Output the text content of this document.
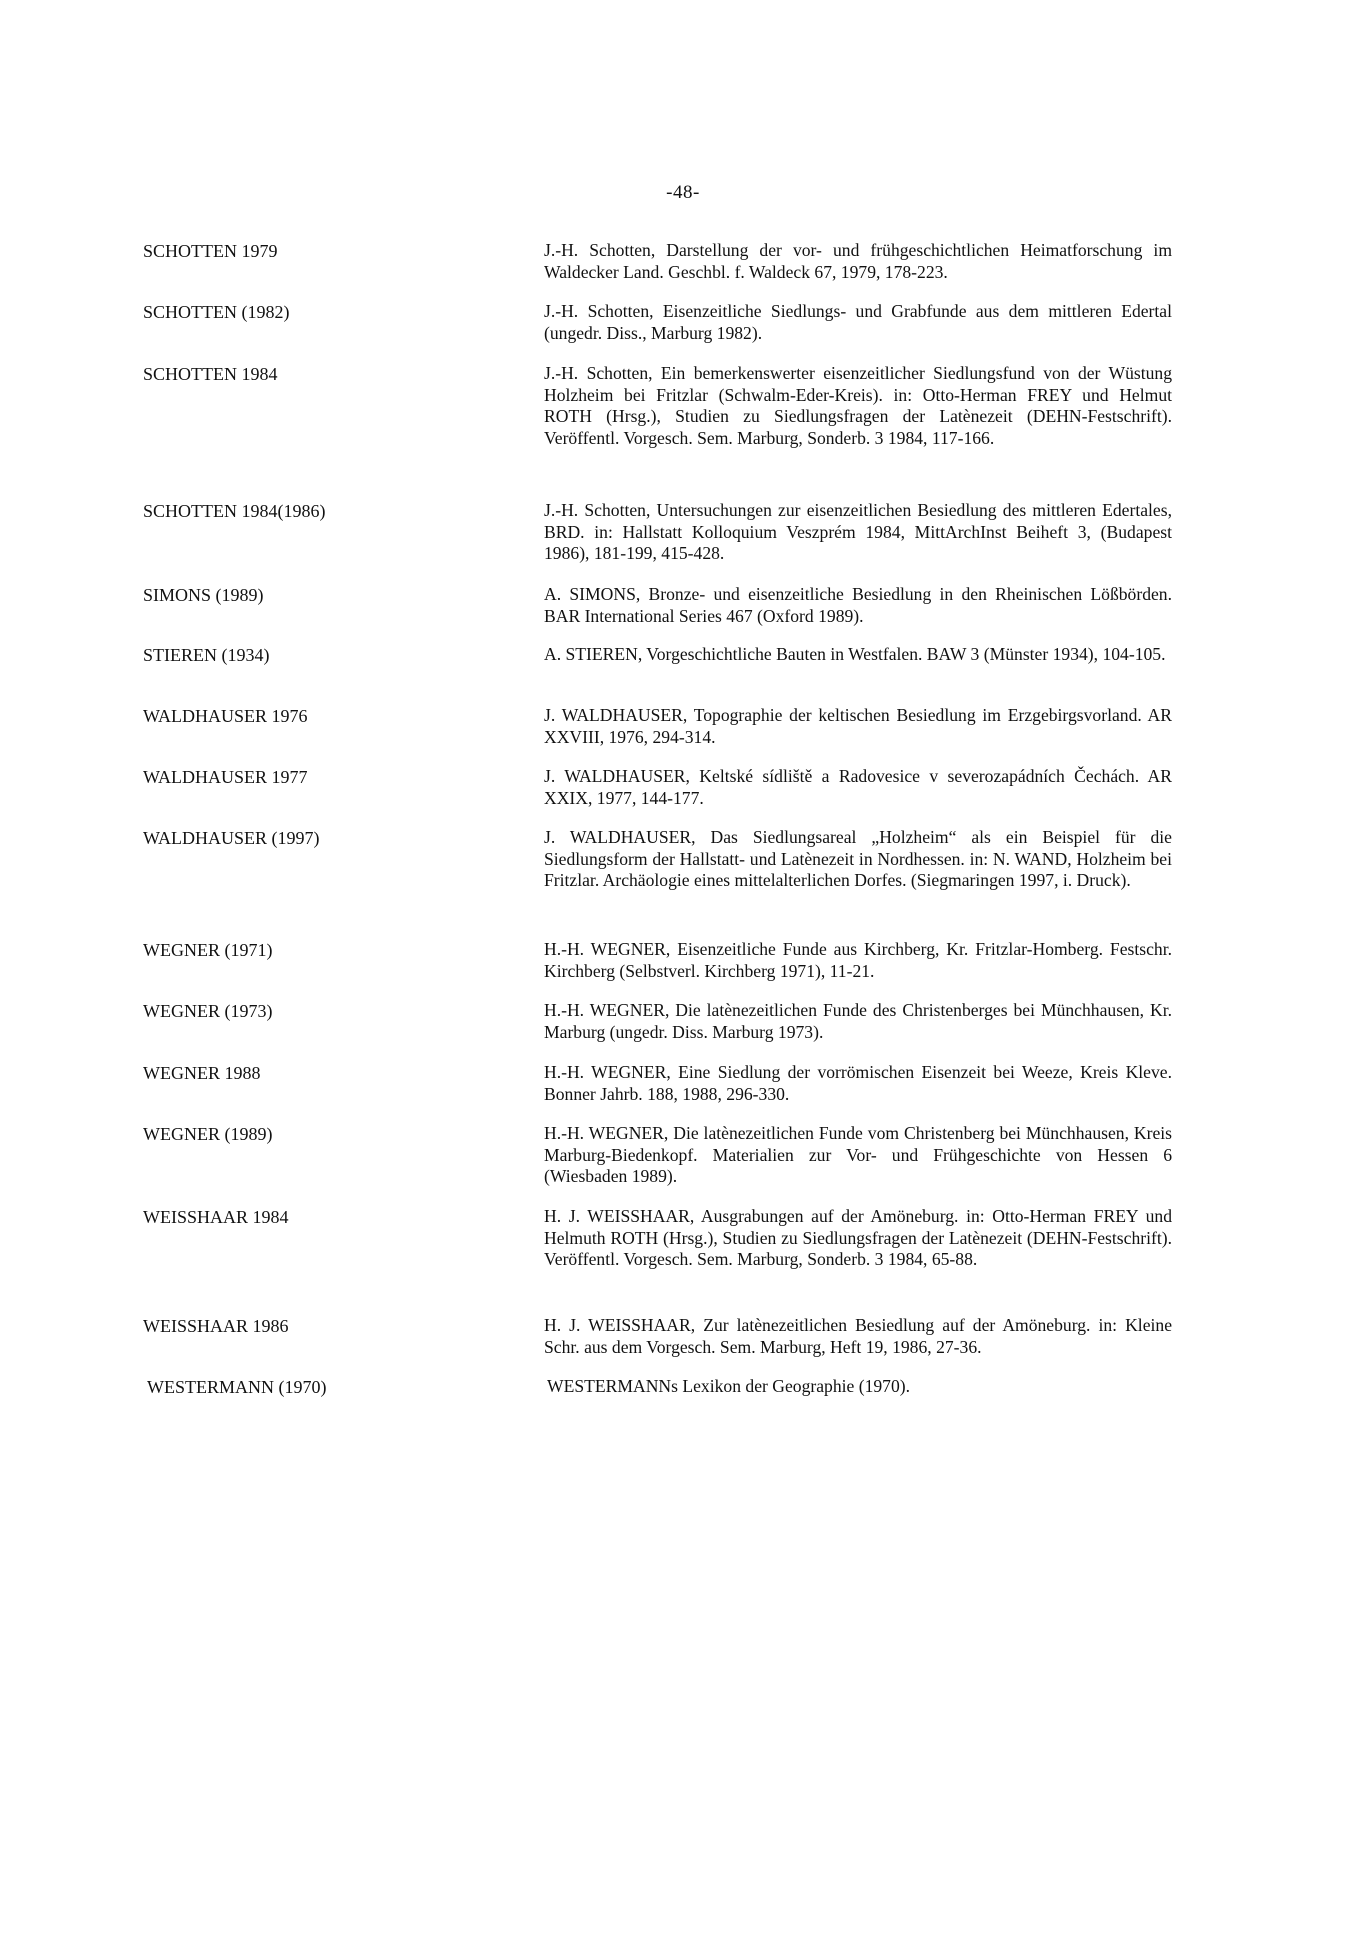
-48-
SCHOTTEN 1979	J.-H. Schotten, Darstellung der vor- und frühgeschichtlichen Heimatforschung im Waldecker Land. Geschbl. f. Waldeck 67, 1979, 178-223.
SCHOTTEN (1982)	J.-H. Schotten, Eisenzeitliche Siedlungs- und Grabfunde aus dem mittleren Edertal (ungedr. Diss., Marburg 1982).
SCHOTTEN 1984	J.-H. Schotten, Ein bemerkenswerter eisenzeitlicher Siedlungsfund von der Wüstung Holzheim bei Fritzlar (Schwalm-Eder-Kreis). in: Otto-Herman FREY und Helmut ROTH (Hrsg.), Studien zu Siedlungsfragen der Latènezeit (DEHN-Festschrift). Veröffentl. Vorgesch. Sem. Marburg, Sonderb. 3 1984, 117-166.
SCHOTTEN 1984(1986)	J.-H. Schotten, Untersuchungen zur eisenzeitlichen Besiedlung des mittleren Edertales, BRD. in: Hallstatt Kolloquium Veszprém 1984, MittArchInst Beiheft 3, (Budapest 1986), 181-199, 415-428.
SIMONS (1989)	A. SIMONS, Bronze- und eisenzeitliche Besiedlung in den Rheinischen Lößbörden. BAR International Series 467 (Oxford 1989).
STIEREN (1934)	A. STIEREN, Vorgeschichtliche Bauten in Westfalen. BAW 3 (Münster 1934), 104-105.
WALDHAUSER 1976	J. WALDHAUSER, Topographie der keltischen Besiedlung im Erzgebirgsvorland. AR XXVIII, 1976, 294-314.
WALDHAUSER 1977	J. WALDHAUSER, Keltské sídliště a Radovesice v severozapádních Čechách. AR XXIX, 1977, 144-177.
WALDHAUSER (1997)	J. WALDHAUSER, Das Siedlungsareal „Holzheim“ als ein Beispiel für die Siedlungsform der Hallstatt- und Latènezeit in Nordhessen. in: N. WAND, Holzheim bei Fritzlar. Archäologie eines mittelalterlichen Dorfes. (Siegmaringen 1997, i. Druck).
WEGNER (1971)	H.-H. WEGNER, Eisenzeitliche Funde aus Kirchberg, Kr. Fritzlar-Homberg. Festschr. Kirchberg (Selbstverl. Kirchberg 1971), 11-21.
WEGNER (1973)	H.-H. WEGNER, Die latènezeitlichen Funde des Christenberges bei Münchhausen, Kr. Marburg (ungedr. Diss. Marburg 1973).
WEGNER 1988	H.-H. WEGNER, Eine Siedlung der vorrömischen Eisenzeit bei Weeze, Kreis Kleve. Bonner Jahrb. 188, 1988, 296-330.
WEGNER (1989)	H.-H. WEGNER, Die latènezeitlichen Funde vom Christenberg bei Münchhausen, Kreis Marburg-Biedenkopf. Materialien zur Vor- und Frühgeschichte von Hessen 6 (Wiesbaden 1989).
WEISSHAAR 1984	H. J. WEISSHAAR, Ausgrabungen auf der Amöneburg. in: Otto-Herman FREY und Helmuth ROTH (Hrsg.), Studien zu Siedlungsfragen der Latènezeit (DEHN-Festschrift). Veröffentl. Vorgesch. Sem. Marburg, Sonderb. 3 1984, 65-88.
WEISSHAAR 1986	H. J. WEISSHAAR, Zur latènezeitlichen Besiedlung auf der Amöneburg. in: Kleine Schr. aus dem Vorgesch. Sem. Marburg, Heft 19, 1986, 27-36.
WESTERMANN (1970)	WESTERMANNs Lexikon der Geographie (1970).
